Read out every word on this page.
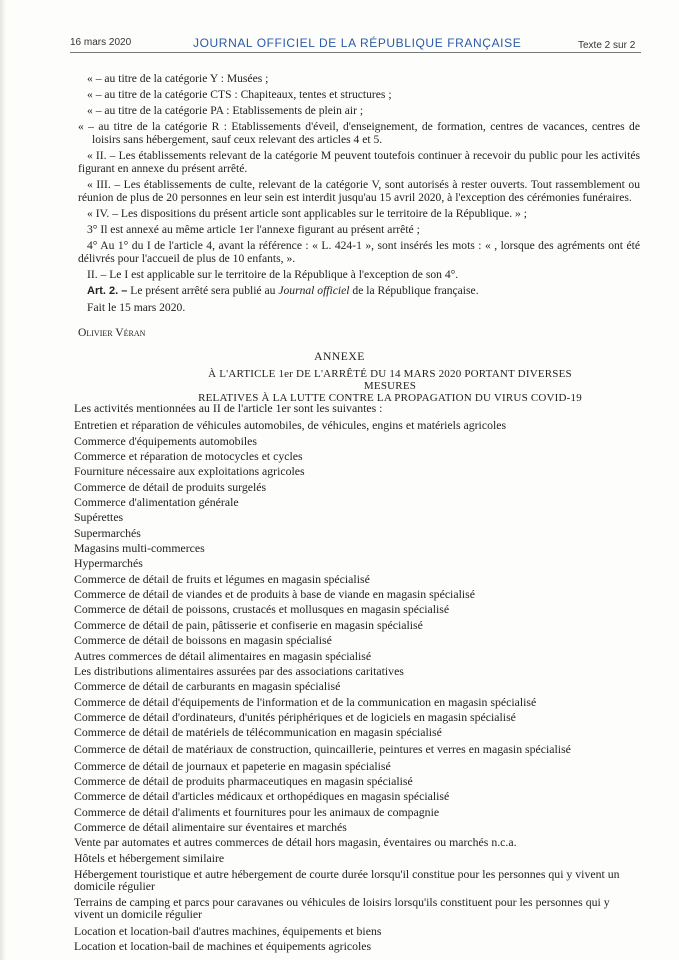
16 mars 2020	JOURNAL OFFICIEL DE LA RÉPUBLIQUE FRANÇAISE	Texte 2 sur 2

« – au titre de la catégorie Y : Musées ;

« – au titre de la catégorie CTS : Chapiteaux, tentes et structures ;

« – au titre de la catégorie PA : Etablissements de plein air ;

« – au titre de la catégorie R : Etablissements d'éveil, d'enseignement, de formation, centres de vacances, centres de loisirs sans hébergement, sauf ceux relevant des articles 4 et 5.

« II. – Les établissements relevant de la catégorie M peuvent toutefois continuer à recevoir du public pour les activités figurant en annexe du présent arrêté.

« III. – Les établissements de culte, relevant de la catégorie V, sont autorisés à rester ouverts. Tout rassemblement ou réunion de plus de 20 personnes en leur sein est interdit jusqu'au 15 avril 2020, à l'exception des cérémonies funéraires.

« IV. – Les dispositions du présent article sont applicables sur le territoire de la République. » ;

3° Il est annexé au même article 1er l'annexe figurant au présent arrêté ;

4° Au 1° du I de l'article 4, avant la référence : « L. 424-1 », sont insérés les mots : « , lorsque des agréments ont été délivrés pour l'accueil de plus de 10 enfants, ».

II. – Le I est applicable sur le territoire de la République à l'exception de son 4°.

Art. 2. – Le présent arrêté sera publié au Journal officiel de la République française.

Fait le 15 mars 2020.

Olivier Véran

ANNEXE
À L'ARTICLE 1er DE L'ARRÊTÉ DU 14 MARS 2020 PORTANT DIVERSES MESURES
RELATIVES À LA LUTTE CONTRE LA PROPAGATION DU VIRUS COVID-19

Les activités mentionnées au II de l'article 1er sont les suivantes :

Entretien et réparation de véhicules automobiles, de véhicules, engins et matériels agricoles

Commerce d'équipements automobiles

Commerce et réparation de motocycles et cycles

Fourniture nécessaire aux exploitations agricoles

Commerce de détail de produits surgelés

Commerce d'alimentation générale

Supérettes

Supermarchés

Magasins multi-commerces

Hypermarchés

Commerce de détail de fruits et légumes en magasin spécialisé

Commerce de détail de viandes et de produits à base de viande en magasin spécialisé

Commerce de détail de poissons, crustacés et mollusques en magasin spécialisé

Commerce de détail de pain, pâtisserie et confiserie en magasin spécialisé

Commerce de détail de boissons en magasin spécialisé

Autres commerces de détail alimentaires en magasin spécialisé

Les distributions alimentaires assurées par des associations caritatives

Commerce de détail de carburants en magasin spécialisé

Commerce de détail d'équipements de l'information et de la communication en magasin spécialisé

Commerce de détail d'ordinateurs, d'unités périphériques et de logiciels en magasin spécialisé

Commerce de détail de matériels de télécommunication en magasin spécialisé

Commerce de détail de matériaux de construction, quincaillerie, peintures et verres en magasin spécialisé

Commerce de détail de journaux et papeterie en magasin spécialisé

Commerce de détail de produits pharmaceutiques en magasin spécialisé

Commerce de détail d'articles médicaux et orthopédiques en magasin spécialisé

Commerce de détail d'aliments et fournitures pour les animaux de compagnie

Commerce de détail alimentaire sur éventaires et marchés

Vente par automates et autres commerces de détail hors magasin, éventaires ou marchés n.c.a.

Hôtels et hébergement similaire

Hébergement touristique et autre hébergement de courte durée lorsqu'il constitue pour les personnes qui y vivent un domicile régulier

Terrains de camping et parcs pour caravanes ou véhicules de loisirs lorsqu'ils constituent pour les personnes qui y vivent un domicile régulier

Location et location-bail d'autres machines, équipements et biens

Location et location-bail de machines et équipements agricoles
